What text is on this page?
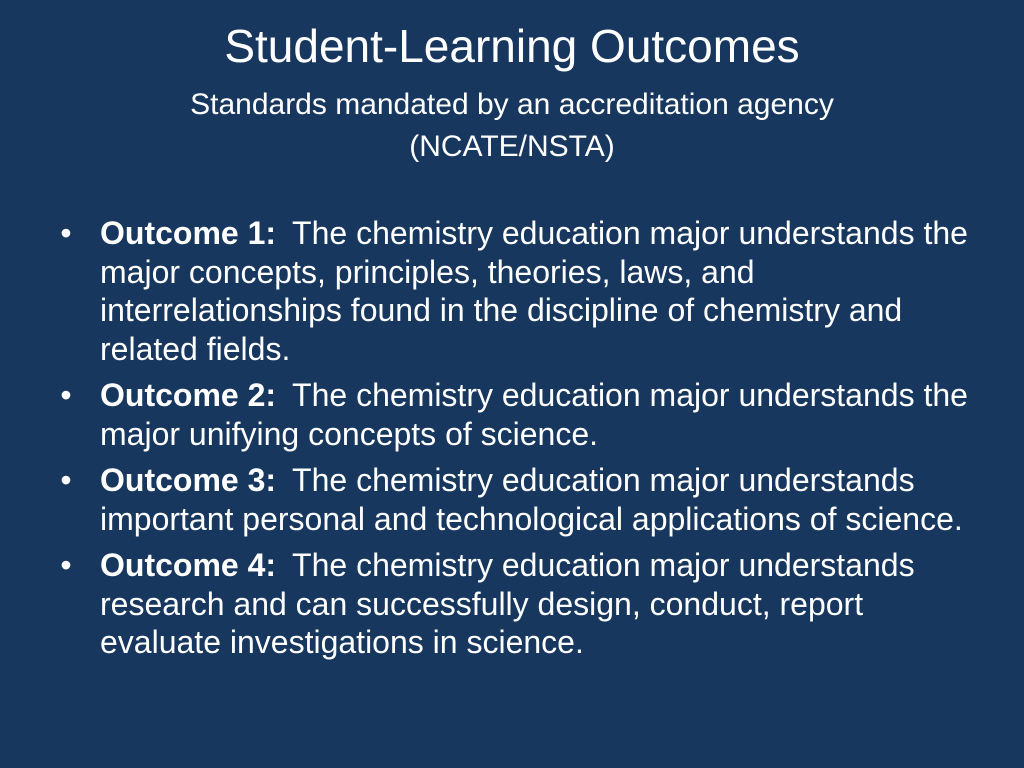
Student-Learning Outcomes
Standards mandated by an accreditation agency
(NCATE/NSTA)
• Outcome 1: The chemistry education major understands the major concepts, principles, theories, laws, and interrelationships found in the discipline of chemistry and related fields.
• Outcome 2: The chemistry education major understands the major unifying concepts of science.
• Outcome 3: The chemistry education major understands important personal and technological applications of science.
• Outcome 4: The chemistry education major understands research and can successfully design, conduct, report evaluate investigations in science.
